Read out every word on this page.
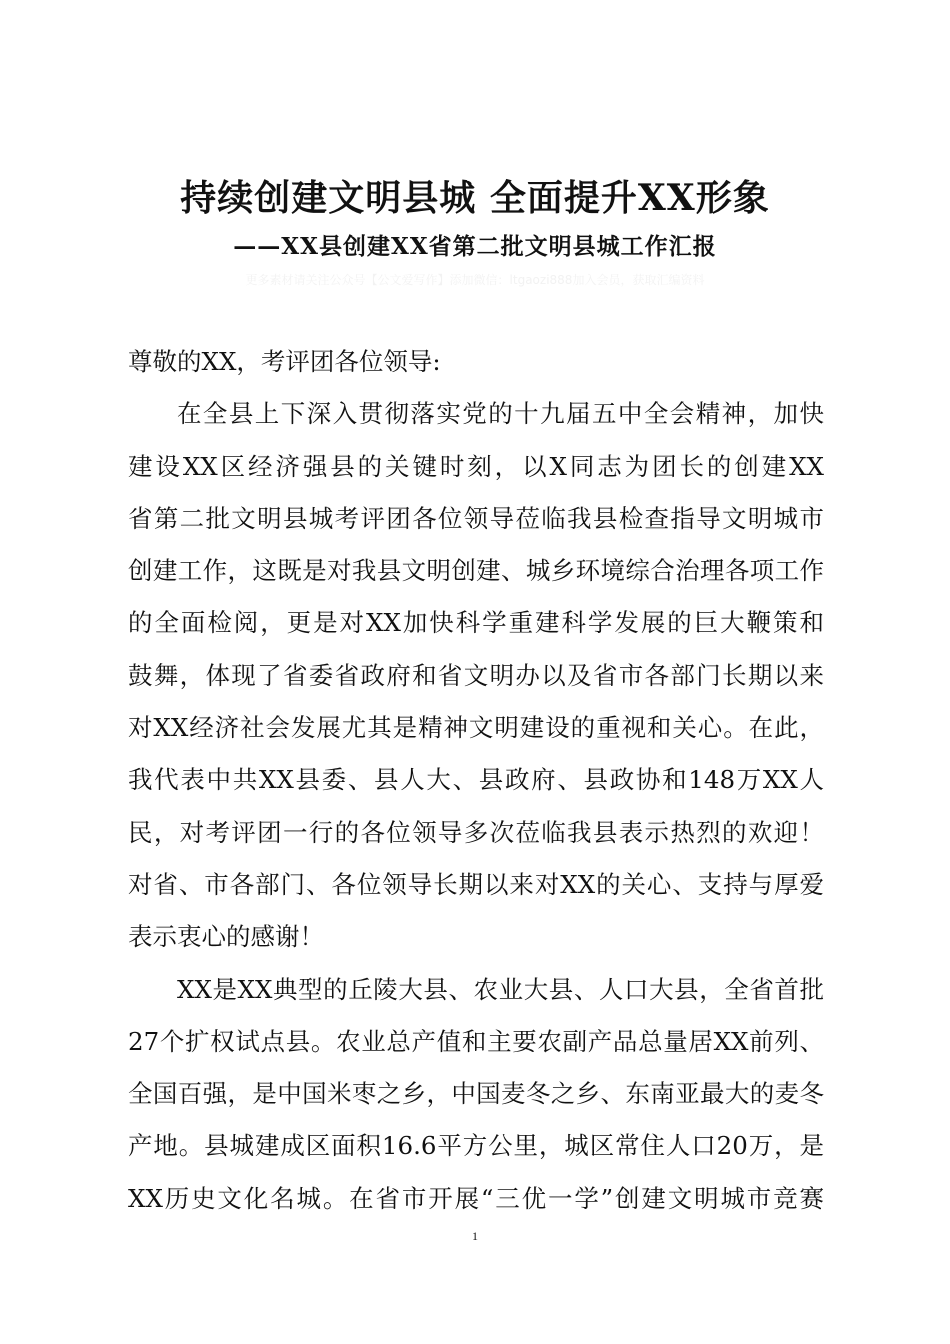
持续创建文明县城 全面提升XX形象
——XX县创建XX省第二批文明县城工作汇报
更多素材请关注公众号【公文爱写作】添加微信：ltgaozi888加入会员，获取汇编资料
尊敬的XX，考评团各位领导:
在全县上下深入贯彻落实党的十九届五中全会精神，加快
建设XX区经济强县的关键时刻，以X同志为团长的创建XX
省第二批文明县城考评团各位领导莅临我县检查指导文明城市
创建工作，这既是对我县文明创建、城乡环境综合治理各项工作
的全面检阅，更是对XX加快科学重建科学发展的巨大鞭策和
鼓舞，体现了省委省政府和省文明办以及省市各部门长期以来
对XX经济社会发展尤其是精神文明建设的重视和关心。在此，
我代表中共XX县委、县人大、县政府、县政协和148万XX人
民，对考评团一行的各位领导多次莅临我县表示热烈的欢迎！
对省、市各部门、各位领导长期以来对XX的关心、支持与厚爱
表示衷心的感谢！
XX是XX典型的丘陵大县、农业大县、人口大县，全省首批
27个扩权试点县。农业总产值和主要农副产品总量居XX前列、
全国百强，是中国米枣之乡，中国麦冬之乡、东南亚最大的麦冬
产地。县城建成区面积16.6平方公里，城区常住人口20万，是
XX历史文化名城。在省市开展“三优一学”创建文明城市竞赛
1
